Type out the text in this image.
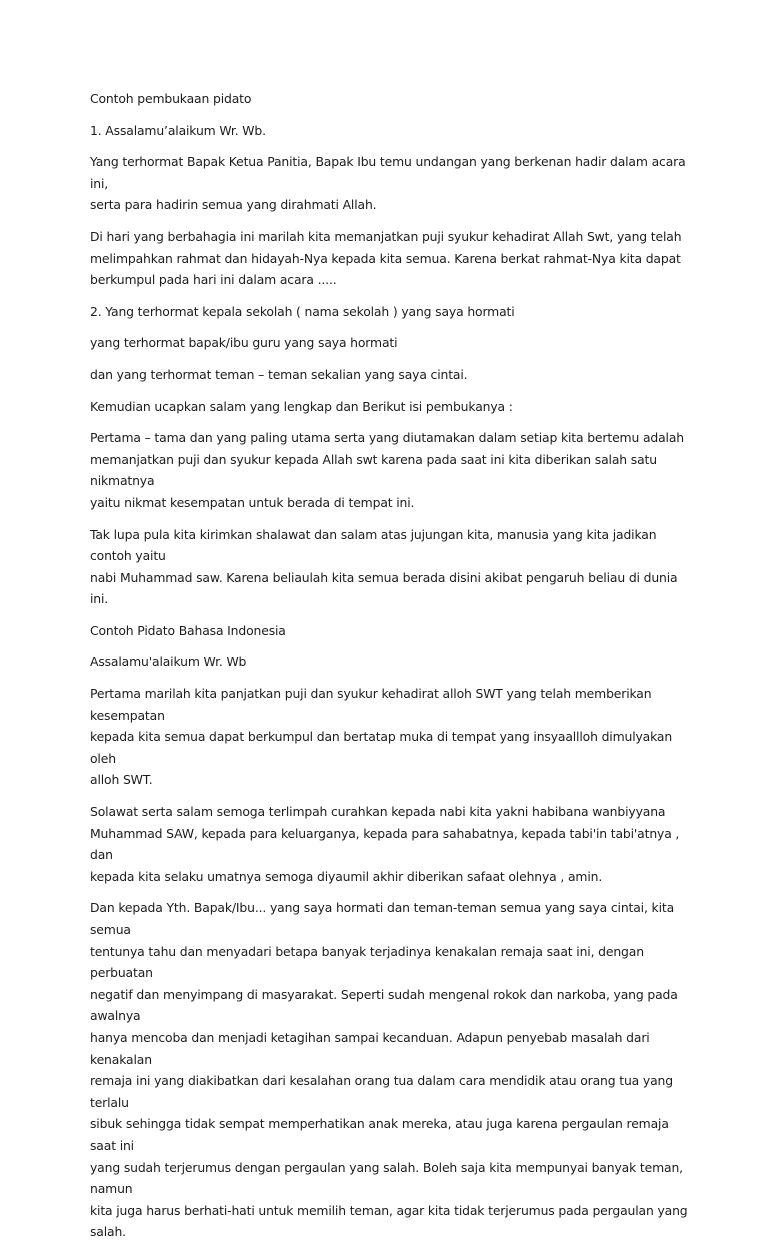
Contoh pembukaan pidato

1. Assalamu’alaikum Wr. Wb.

Yang terhormat Bapak Ketua Panitia, Bapak Ibu temu undangan yang berkenan hadir dalam acara ini,
serta para hadirin semua yang dirahmati Allah.

Di hari yang berbahagia ini marilah kita memanjatkan puji syukur kehadirat Allah Swt, yang telah
melimpahkan rahmat dan hidayah-Nya kepada kita semua. Karena berkat rahmat-Nya kita dapat
berkumpul pada hari ini dalam acara .....

2. Yang terhormat kepala sekolah ( nama sekolah ) yang saya hormati

yang terhormat bapak/ibu guru yang saya hormati

dan yang terhormat teman – teman sekalian yang saya cintai.

Kemudian ucapkan salam yang lengkap dan Berikut isi pembukanya :

Pertama – tama dan yang paling utama serta yang diutamakan dalam setiap kita bertemu adalah
memanjatkan puji dan syukur kepada Allah swt karena pada saat ini kita diberikan salah satu nikmatnya
yaitu nikmat kesempatan untuk berada di tempat ini.

Tak lupa pula kita kirimkan shalawat dan salam atas jujungan kita, manusia yang kita jadikan contoh yaitu
nabi Muhammad saw. Karena beliaulah kita semua berada disini akibat pengaruh beliau di dunia ini.

Contoh Pidato Bahasa Indonesia

Assalamu'alaikum Wr. Wb

Pertama marilah kita panjatkan puji dan syukur kehadirat alloh SWT yang telah memberikan kesempatan
kepada kita semua dapat berkumpul dan bertatap muka di tempat yang insyaallloh dimulyakan oleh
alloh SWT.

Solawat serta salam semoga terlimpah curahkan kepada nabi kita yakni habibana wanbiyyana
Muhammad SAW, kepada para keluarganya, kepada para sahabatnya, kepada tabi'in tabi'atnya , dan
kepada kita selaku umatnya semoga diyaumil akhir diberikan safaat olehnya , amin.

Dan kepada Yth. Bapak/Ibu... yang saya hormati dan teman-teman semua yang saya cintai, kita semua
tentunya tahu dan menyadari betapa banyak terjadinya kenakalan remaja saat ini, dengan perbuatan
negatif dan menyimpang di masyarakat. Seperti sudah mengenal rokok dan narkoba, yang pada awalnya
hanya mencoba dan menjadi ketagihan sampai kecanduan. Adapun penyebab masalah dari kenakalan
remaja ini yang diakibatkan dari kesalahan orang tua dalam cara mendidik atau orang tua yang terlalu
sibuk sehingga tidak sempat memperhatikan anak mereka, atau juga karena pergaulan remaja saat ini
yang sudah terjerumus dengan pergaulan yang salah. Boleh saja kita mempunyai banyak teman, namun
kita juga harus berhati-hati untuk memilih teman, agar kita tidak terjerumus pada pergaulan yang salah.
